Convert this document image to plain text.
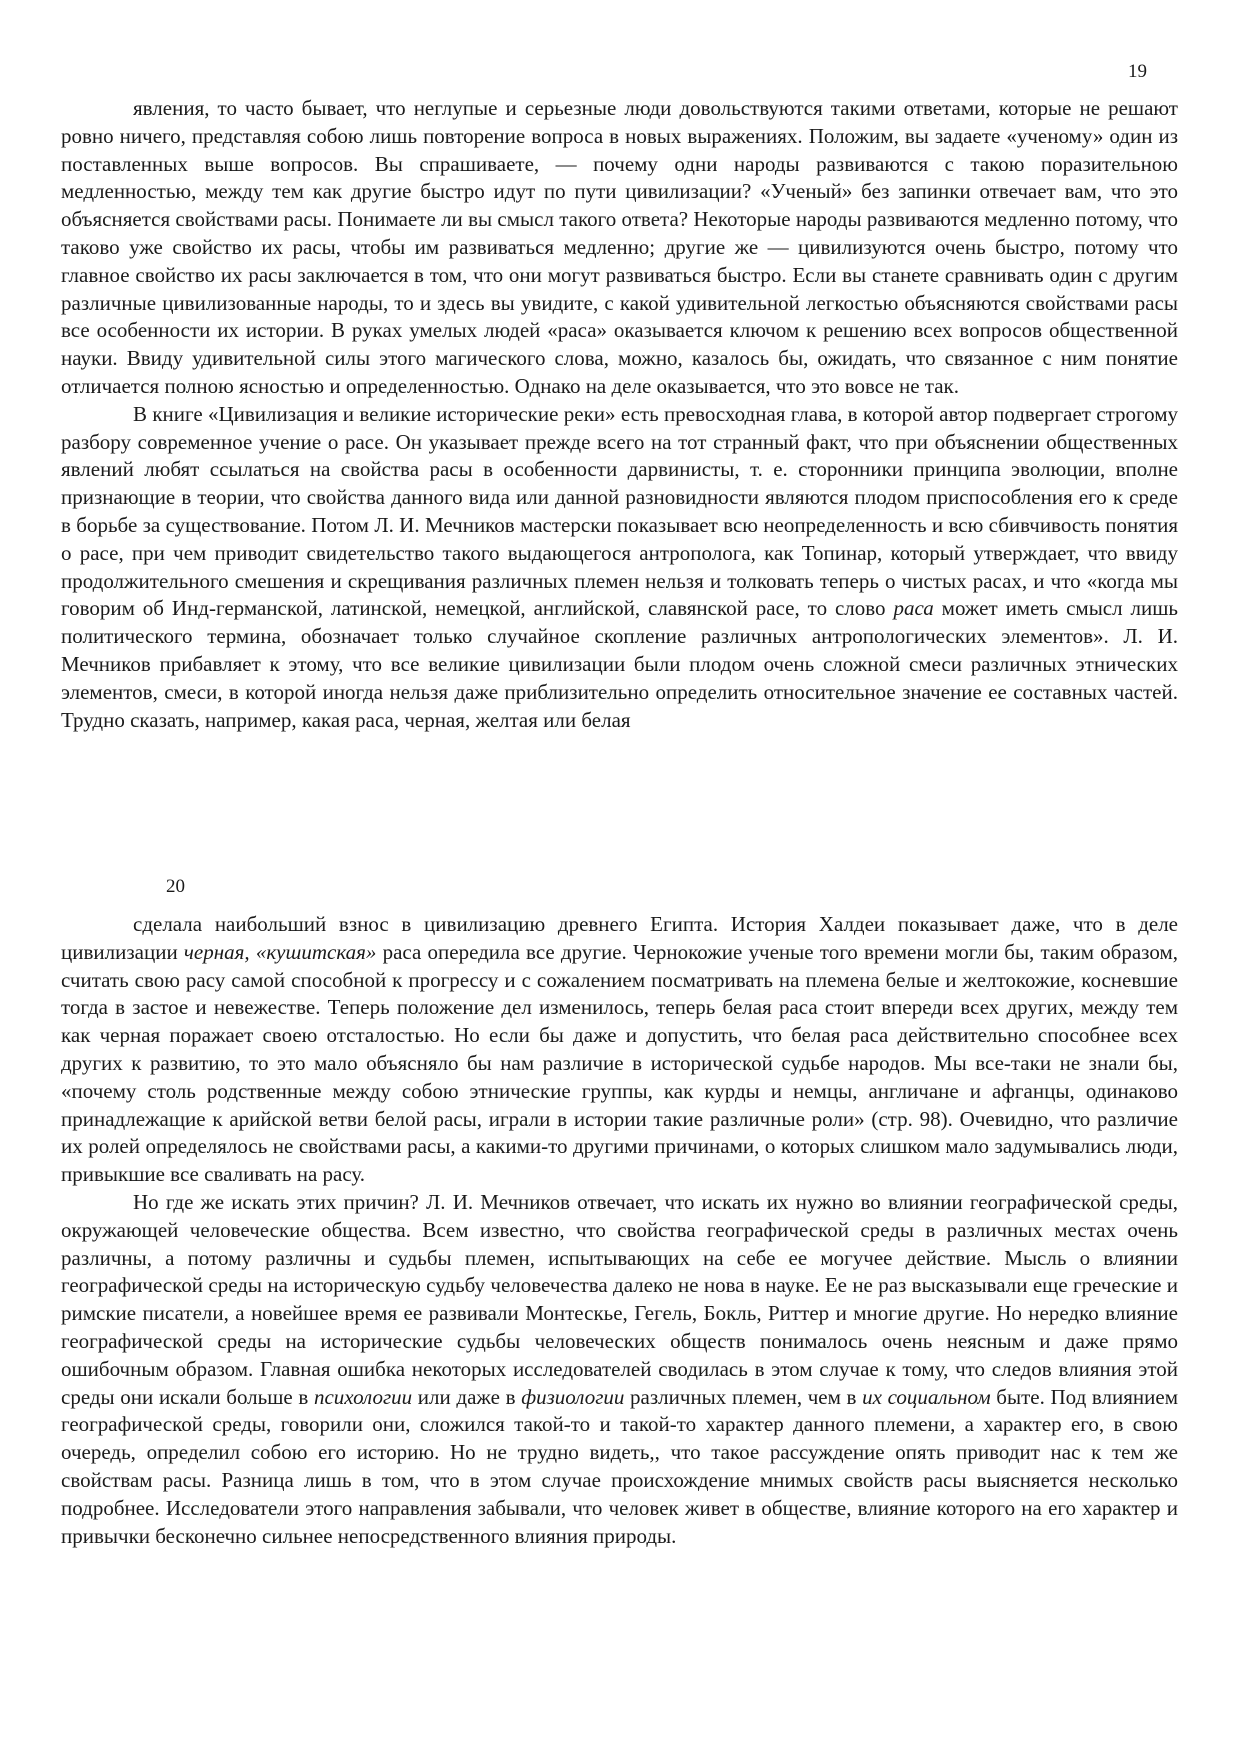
19

явления, то часто бывает, что неглупые и серьезные люди довольствуются такими ответами, которые не решают ровно ничего, представляя собою лишь повторение вопроса в новых выражениях. Положим, вы задаете «ученому» один из поставленных выше вопросов. Вы спрашиваете, — почему одни народы развиваются с такою поразительною медленностью, между тем как другие быстро идут по пути цивилизации? «Ученый» без запинки отвечает вам, что это объясняется свойствами расы. Понимаете ли вы смысл такого ответа? Некоторые народы развиваются медленно потому, что таково уже свойство их расы, чтобы им развиваться медленно; другие же — цивилизуются очень быстро, потому что главное свойство их расы заключается в том, что они могут развиваться быстро. Если вы станете сравнивать один с другим различные цивилизованные народы, то и здесь вы увидите, с какой удивительной легкостью объясняются свойствами расы все особенности их истории. В руках умелых людей «раса» оказывается ключом к решению всех вопросов общественной науки. Ввиду удивительной силы этого магического слова, можно, казалось бы, ожидать, что связанное с ним понятие отличается полною ясностью и определенностью. Однако на деле оказывается, что это вовсе не так.

В книге «Цивилизация и великие исторические реки» есть превосходная глава, в которой автор подвергает строгому разбору современное учение о расе. Он указывает прежде всего на тот странный факт, что при объяснении общественных явлений любят ссылаться на свойства расы в особенности дарвинисты, т. е. сторонники принципа эволюции, вполне признающие в теории, что свойства данного вида или данной разновидности являются плодом приспособления его к среде в борьбе за существование. Потом Л. И. Мечников мастерски показывает всю неопределенность и всю сбивчивость понятия о расе, при чем приводит свидетельство такого выдающегося антрополога, как Топинар, который утверждает, что ввиду продолжительного смешения и скрещивания различных племен нельзя и толковать теперь о чистых расах, и что «когда мы говорим об Инд-германской, латинской, немецкой, английской, славянской расе, то слово раса может иметь смысл лишь политического термина, обозначает только случайное скопление различных антропологических элементов». Л. И. Мечников прибавляет к этому, что все великие цивилизации были плодом очень сложной смеси различных этнических элементов, смеси, в которой иногда нельзя даже приблизительно определить относительное значение ее составных частей. Трудно сказать, например, какая раса, черная, желтая или белая

20

сделала наибольший взнос в цивилизацию древнего Египта. История Халдеи показывает даже, что в деле цивилизации черная, «кушитская» раса опередила все другие. Чернокожие ученые того времени могли бы, таким образом, считать свою расу самой способной к прогрессу и с сожалением посматривать на племена белые и желтокожие, косневшие тогда в застое и невежестве. Теперь положение дел изменилось, теперь белая раса стоит впереди всех других, между тем как черная поражает своею отсталостью. Но если бы даже и допустить, что белая раса действительно способнее всех других к развитию, то это мало объясняло бы нам различие в исторической судьбе народов. Мы все-таки не знали бы, «почему столь родственные между собою этнические группы, как курды и немцы, англичане и афганцы, одинаково принадлежащие к арийской ветви белой расы, играли в истории такие различные роли» (стр. 98). Очевидно, что различие их ролей определялось не свойствами расы, а какими-то другими причинами, о которых слишком мало задумывались люди, привыкшие все сваливать на расу.

Но где же искать этих причин? Л. И. Мечников отвечает, что искать их нужно во влиянии географической среды, окружающей человеческие общества. Всем известно, что свойства географической среды в различных местах очень различны, а потому различны и судьбы племен, испытывающих на себе ее могучее действие. Мысль о влиянии географической среды на историческую судьбу человечества далеко не нова в науке. Ее не раз высказывали еще греческие и римские писатели, а новейшее время ее развивали Монтескье, Гегель, Бокль, Риттер и многие другие. Но нередко влияние географической среды на исторические судьбы человеческих обществ понималось очень неясным и даже прямо ошибочным образом. Главная ошибка некоторых исследователей сводилась в этом случае к тому, что следов влияния этой среды они искали больше в психологии или даже в физиологии различных племен, чем в их социальном быте. Под влиянием географической среды, говорили они, сложился такой-то и такой-то характер данного племени, а характер его, в свою очередь, определил собою его историю. Но не трудно видеть,, что такое рассуждение опять приводит нас к тем же свойствам расы. Разница лишь в том, что в этом случае происхождение мнимых свойств расы выясняется несколько подробнее. Исследователи этого направления забывали, что человек живет в обществе, влияние которого на его характер и привычки бесконечно сильнее непосредственного влияния природы.
